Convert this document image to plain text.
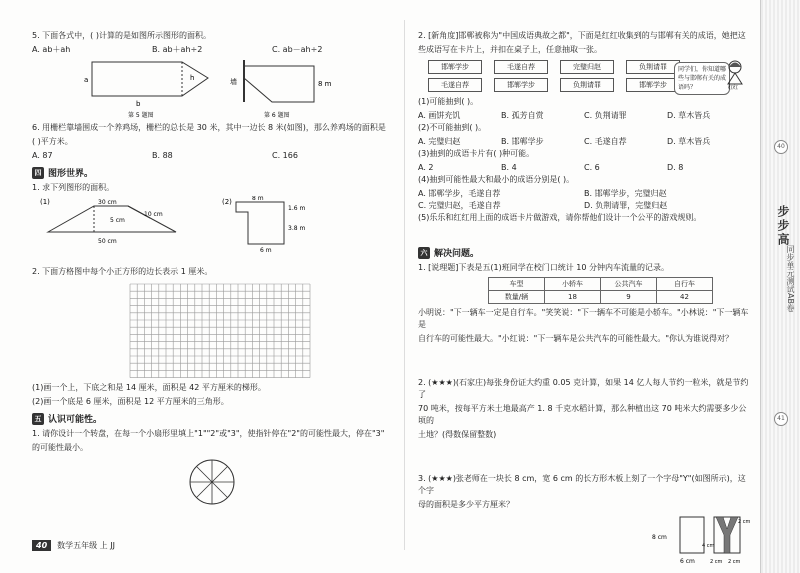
5. 下面各式中，( )计算的是如图所示图形的面积。
A. ab＋ah	B. ab＋ah÷2	C. ab－ah÷2
a	h
b
第 5 题图
墙	8 m
第 6 题图
6. 用栅栏靠墙围成一个养鸡场，栅栏的总长是 30 米，其中一边长 8 米(如图)，那么养鸡场的面积是
( )平方米。
A. 87	B. 88	C. 166
四 图形世界。
1. 求下列图形的面积。
(1)	30 cm
5 cm
10 cm
50 cm
(2)	8 m
1.6 m
3.8 m
6 m
2. 下面方格图中每个小正方形的边长表示 1 厘米。
(1)画一个上，下底之和是 14 厘米，面积是 42 平方厘米的梯形。
(2)画一个底是 6 厘米，面积是 12 平方厘米的三角形。
五 认识可能性。
1. 请你设计一个转盘，在每一个小扇形里填上"1""2"或"3"，使指针停在"2"的可能性最大，停在"3"
的可能性最小。
2. [新角度]邯郸被称为"中国成语典故之都"，下面是红红收集到的与邯郸有关的成语，她把这
些成语写在卡片上，并扣在桌子上，任意抽取一张。
邯郸学步	毛遂自荐	完璧归赵	负荆请罪
毛遂自荐	邯郸学步	负荆请罪	邯郸学步
同学们，你知道哪些与邯郸有关的成语吗？	红红
(1)可能抽到( )。
A. 画饼充饥	B. 孤芳自赏	C. 负荆请罪	D. 草木皆兵
(2)不可能抽到( )。
A. 完璧归赵	B. 邯郸学步	C. 毛遂自荐	D. 草木皆兵
(3)抽到的成语卡片有( )种可能。
A. 2	B. 4	C. 6	D. 8
(4)抽到可能性最大和最小的成语分别是( )。
A. 邯郸学步，毛遂自荐	B. 邯郸学步，完璧归赵
C. 完璧归赵，毛遂自荐	D. 负荆请罪，完璧归赵
(5)乐乐和红红用上面的成语卡片做游戏，请你帮他们设计一个公平的游戏规则。
六 解决问题。
1. [说理题]下表是五(1)班同学在校门口统计 10 分钟内车流量的记录。
车型	小轿车	公共汽车	自行车
数量/辆	18	9	42
小明说："下一辆车一定是自行车。"笑笑说："下一辆车不可能是小轿车。"小林说："下一辆车是
自行车的可能性最大。"小红说："下一辆车是公共汽车的可能性最大。"你认为谁说得对？
2. (★★★)(石家庄)每张身份证大约重 0.05 克计算，如果 14 亿人每人节约一粒米，就是节约了
70 吨米，按每平方米土地最高产 1. 8 千克水稻计算，那么种植出这 70 吨米大约需要多少公顷的
土地？(得数保留整数)
3. (★★★)张老师在一块长 8 cm，宽 6 cm 的长方形木板上刻了一个字母"Y"(如图所示)，这个字
母的面积是多少平方厘米？
8 cm
6 cm
2 cm
4 cm
2 cm 2 cm
40	数学五年级 上 JJ
40
步步高
同步单元测试AB卷
41
